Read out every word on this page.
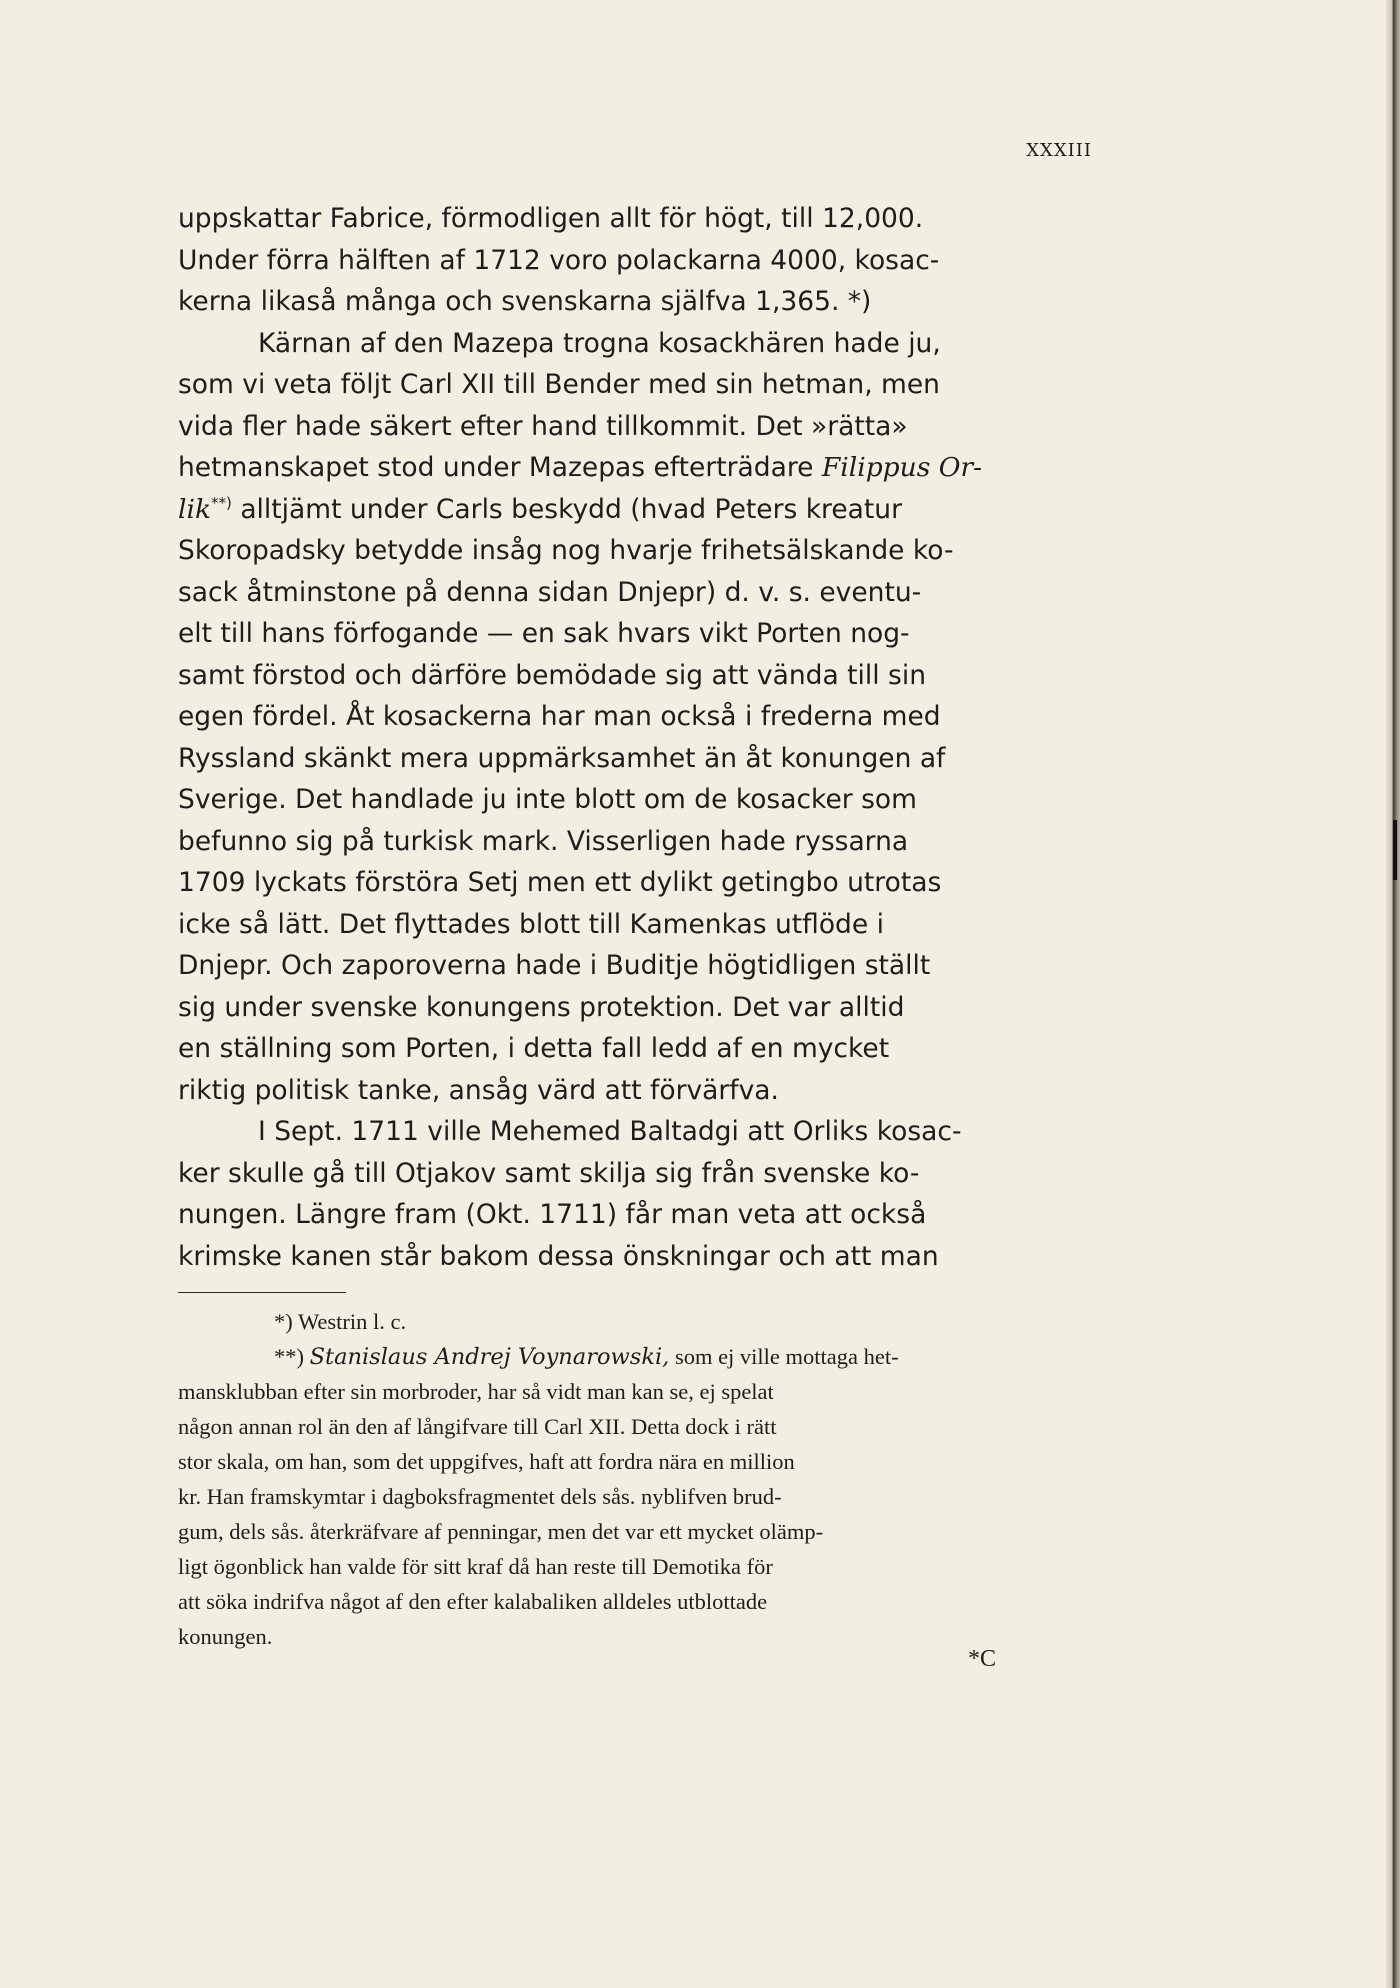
XXXIII
uppskattar Fabrice, förmodligen allt för högt, till 12,000.
Under förra hälften af 1712 voro polackarna 4000, kosac-
kerna likaså många och svenskarna själfva 1,365. *)
Kärnan af den Mazepa trogna kosackhären hade ju,
som vi veta följt Carl XII till Bender med sin hetman, men
vida fler hade säkert efter hand tillkommit. Det »rätta»
hetmanskapet stod under Mazepas efterträdare Filippus Or-
lik**) alltjämt under Carls beskydd (hvad Peters kreatur
Skoropadsky betydde insåg nog hvarje frihetsälskande ko-
sack åtminstone på denna sidan Dnjepr) d. v. s. eventu-
elt till hans förfogande — en sak hvars vikt Porten nog-
samt förstod och därföre bemödade sig att vända till sin
egen fördel. Åt kosackerna har man också i frederna med
Ryssland skänkt mera uppmärksamhet än åt konungen af
Sverige. Det handlade ju inte blott om de kosacker som
befunno sig på turkisk mark. Visserligen hade ryssarna
1709 lyckats förstöra Setj men ett dylikt getingbo utrotas
icke så lätt. Det flyttades blott till Kamenkas utflöde i
Dnjepr. Och zaporoverna hade i Buditje högtidligen ställt
sig under svenske konungens protektion. Det var alltid
en ställning som Porten, i detta fall ledd af en mycket
riktig politisk tanke, ansåg värd att förvärfva.
I Sept. 1711 ville Mehemed Baltadgi att Orliks kosac-
ker skulle gå till Otjakov samt skilja sig från svenske ko-
nungen. Längre fram (Okt. 1711) får man veta att också
krimske kanen står bakom dessa önskningar och att man
*) Westrin l. c.
**) Stanislaus Andrej Voynarowski, som ej ville mottaga het-
mansklubban efter sin morbroder, har så vidt man kan se, ej spelat
någon annan rol än den af långifvare till Carl XII. Detta dock i rätt
stor skala, om han, som det uppgifves, haft att fordra nära en million
kr. Han framskymtar i dagboksfragmentet dels sås. nyblifven brud-
gum, dels sås. återkräfvare af penningar, men det var ett mycket olämp-
ligt ögonblick han valde för sitt kraf då han reste till Demotika för
att söka indrifva något af den efter kalabaliken alldeles utblottade
konungen.
*C
